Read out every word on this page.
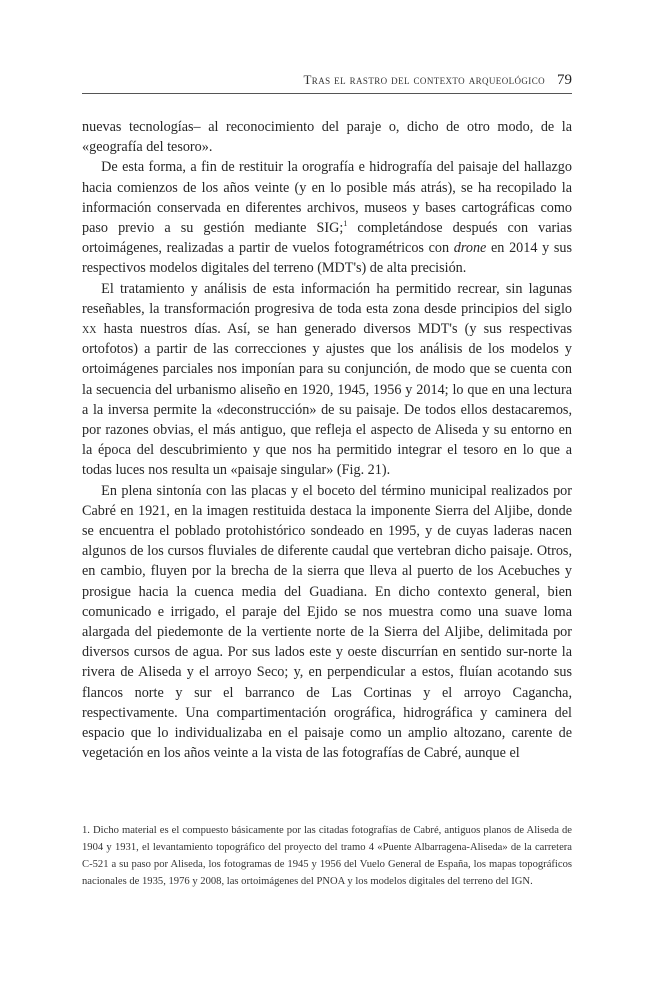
Tras el rastro del contexto arqueológico 79

nuevas tecnologías– al reconocimiento del paraje o, dicho de otro modo, de la «geografía del tesoro».

De esta forma, a fin de restituir la orografía e hidrografía del paisaje del hallazgo hacia comienzos de los años veinte (y en lo posible más atrás), se ha recopilado la información conservada en diferentes archivos, museos y bases cartográficas como paso previo a su gestión mediante SIG;$^1$ completándose después con varias ortoimágenes, realizadas a partir de vuelos fotogramétricos con drone en 2014 y sus respectivos modelos digitales del terreno (MDT's) de alta precisión.

El tratamiento y análisis de esta información ha permitido recrear, sin lagunas reseñables, la transformación progresiva de toda esta zona desde principios del siglo xx hasta nuestros días. Así, se han generado diversos MDT's (y sus respectivas ortofotos) a partir de las correcciones y ajustes que los análisis de los modelos y ortoimágenes parciales nos imponían para su conjunción, de modo que se cuenta con la secuencia del urbanismo aliseño en 1920, 1945, 1956 y 2014; lo que en una lectura a la inversa permite la «deconstrucción» de su paisaje. De todos ellos destacaremos, por razones obvias, el más antiguo, que refleja el aspecto de Aliseda y su entorno en la época del descubrimiento y que nos ha permitido integrar el tesoro en lo que a todas luces nos resulta un «paisaje singular» (Fig. 21).

En plena sintonía con las placas y el boceto del término municipal realizados por Cabré en 1921, en la imagen restituida destaca la imponente Sierra del Aljibe, donde se encuentra el poblado protohistórico sondeado en 1995, y de cuyas laderas nacen algunos de los cursos fluviales de diferente caudal que vertebran dicho paisaje. Otros, en cambio, fluyen por la brecha de la sierra que lleva al puerto de los Acebuches y prosigue hacia la cuenca media del Guadiana. En dicho contexto general, bien comunicado e irrigado, el paraje del Ejido se nos muestra como una suave loma alargada del piedemonte de la vertiente norte de la Sierra del Aljibe, delimitada por diversos cursos de agua. Por sus lados este y oeste discurrían en sentido sur-norte la rivera de Aliseda y el arroyo Seco; y, en perpendicular a estos, fluían acotando sus flancos norte y sur el barranco de Las Cortinas y el arroyo Cagancha, respectivamente. Una compartimentación orográfica, hidrográfica y caminera del espacio que lo individualizaba en el paisaje como un amplio altozano, carente de vegetación en los años veinte a la vista de las fotografías de Cabré, aunque el

1. Dicho material es el compuesto básicamente por las citadas fotografías de Cabré, antiguos planos de Aliseda de 1904 y 1931, el levantamiento topográfico del proyecto del tramo 4 «Puente Albarragena-Aliseda» de la carretera C-521 a su paso por Aliseda, los fotogramas de 1945 y 1956 del Vuelo General de España, los mapas topográficos nacionales de 1935, 1976 y 2008, las ortoimágenes del PNOA y los modelos digitales del terreno del IGN.
